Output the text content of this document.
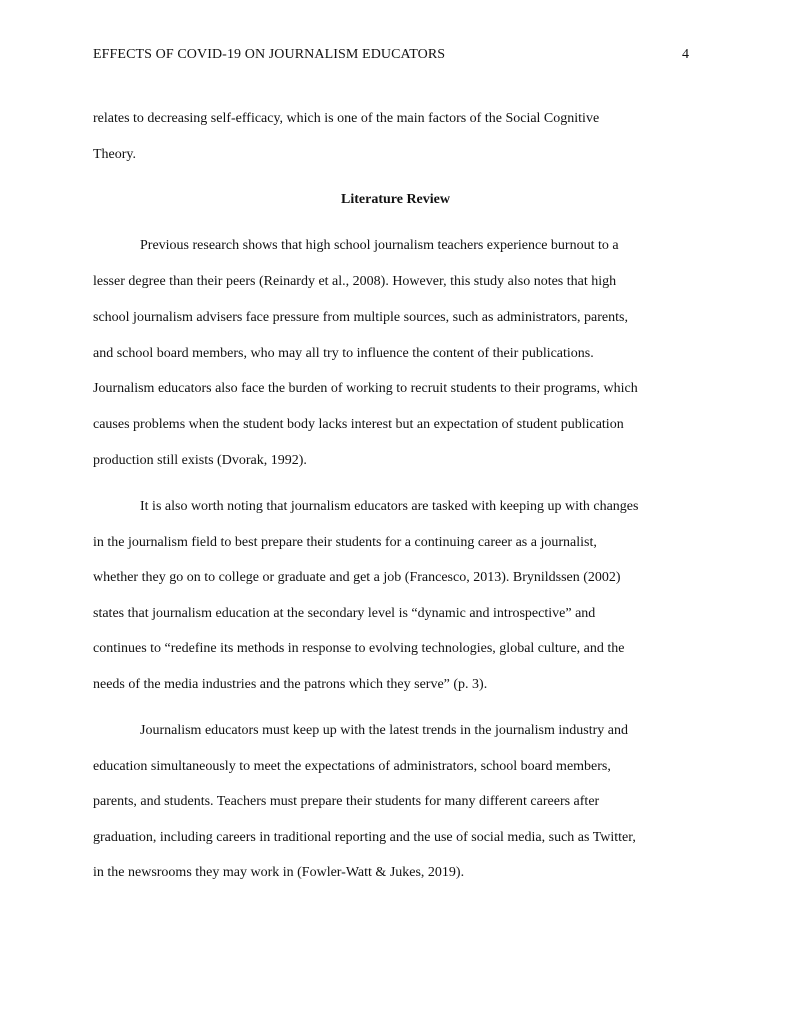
EFFECTS OF COVID-19 ON JOURNALISM EDUCATORS	4
relates to decreasing self-efficacy, which is one of the main factors of the Social Cognitive
Theory.
Literature Review
Previous research shows that high school journalism teachers experience burnout to a
lesser degree than their peers (Reinardy et al., 2008). However, this study also notes that high
school journalism advisers face pressure from multiple sources, such as administrators, parents,
and school board members, who may all try to influence the content of their publications.
Journalism educators also face the burden of working to recruit students to their programs, which
causes problems when the student body lacks interest but an expectation of student publication
production still exists (Dvorak, 1992).
It is also worth noting that journalism educators are tasked with keeping up with changes
in the journalism field to best prepare their students for a continuing career as a journalist,
whether they go on to college or graduate and get a job (Francesco, 2013). Brynildssen (2002)
states that journalism education at the secondary level is “dynamic and introspective” and
continues to “redefine its methods in response to evolving technologies, global culture, and the
needs of the media industries and the patrons which they serve” (p. 3).
Journalism educators must keep up with the latest trends in the journalism industry and
education simultaneously to meet the expectations of administrators, school board members,
parents, and students. Teachers must prepare their students for many different careers after
graduation, including careers in traditional reporting and the use of social media, such as Twitter,
in the newsrooms they may work in (Fowler-Watt & Jukes, 2019).
